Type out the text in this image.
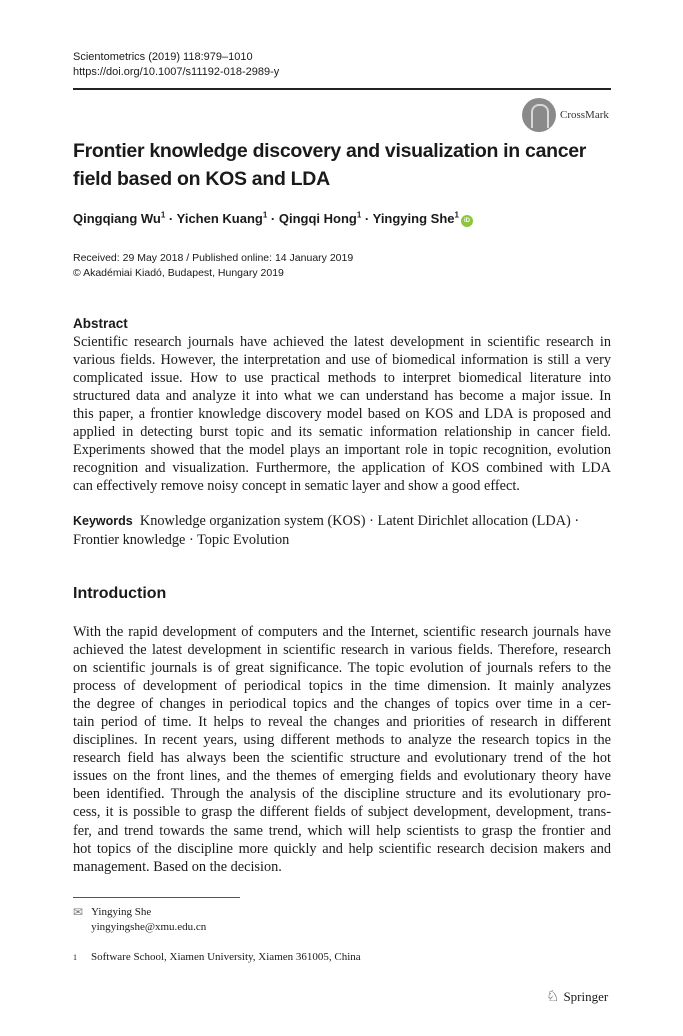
Scientometrics (2019) 118:979–1010
https://doi.org/10.1007/s11192-018-2989-y
CrossMark
Frontier knowledge discovery and visualization in cancer
ﬁeld based on KOS and LDA
Qingqiang $Wu^1$ · Yichen Kuang$^1$ · Qingqi Hong$^1$ · Yingying She$^1$iD
Received: 29 May 2018 / Published online: 14 January 2019
© Akadémiai Kiadó, Budapest, Hungary 2019
Abstract
Scientific research journals have achieved the latest development in scientific research in
various fields. However, the interpretation and use of biomedical information is still a very
complicated issue. How to use practical methods to interpret biomedical literature into
structured data and analyze it into what we can understand has become a major issue. In
this paper, a frontier knowledge discovery model based on KOS and LDA is proposed and
applied in detecting burst topic and its sematic information relationship in cancer field.
Experiments showed that the model plays an important role in topic recognition, evolution
recognition and visualization. Furthermore, the application of KOS combined with LDA
can effectively remove noisy concept in sematic layer and show a good effect.
Keywords Knowledge organization system (KOS) · Latent Dirichlet allocation (LDA) · Frontier knowledge · Topic Evolution
Introduction
With the rapid development of computers and the Internet, scientific research journals have
achieved the latest development in scientific research in various fields. Therefore, research
on scientific journals is of great significance. The topic evolution of journals refers to the
process of development of periodical topics in the time dimension. It mainly analyzes
the degree of changes in periodical topics and the changes of topics over time in a cer-
tain period of time. It helps to reveal the changes and priorities of research in different
disciplines. In recent years, using different methods to analyze the research topics in the
research field has always been the scientific structure and evolutionary trend of the hot
issues on the front lines, and the themes of emerging fields and evolutionary theory have
been identified. Through the analysis of the discipline structure and its evolutionary pro-
cess, it is possible to grasp the different fields of subject development, development, trans-
fer, and trend towards the same trend, which will help scientists to grasp the frontier and
hot topics of the discipline more quickly and help scientific research decision makers and
management. Based on the decision.
✉ Yingying She
yingyingshe@xmu.edu.cn
1 Software School, Xiamen University, Xiamen 361005, China
♘ Springer
